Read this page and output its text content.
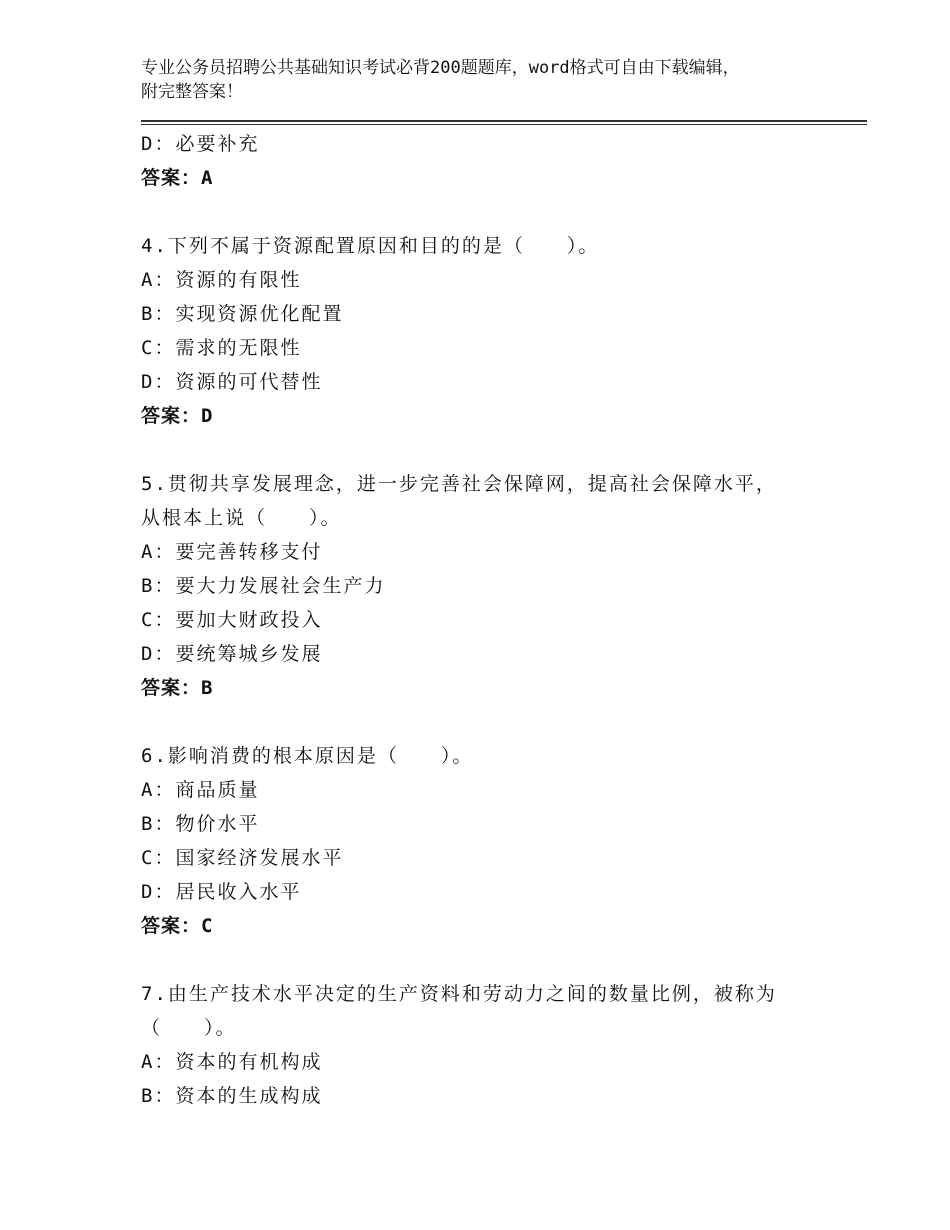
专业公务员招聘公共基础知识考试必背200题题库，word格式可自由下载编辑，
附完整答案！
D：必要补充
答案：A
4.下列不属于资源配置原因和目的的是（　　）。
A：资源的有限性
B：实现资源优化配置
C：需求的无限性
D：资源的可代替性
答案：D
5.贯彻共享发展理念，进一步完善社会保障网，提高社会保障水平，
从根本上说（　　）。
A：要完善转移支付
B：要大力发展社会生产力
C：要加大财政投入
D：要统筹城乡发展
答案：B
6.影响消费的根本原因是（　　）。
A：商品质量
B：物价水平
C：国家经济发展水平
D：居民收入水平
答案：C
7.由生产技术水平决定的生产资料和劳动力之间的数量比例，被称为
（　　）。
A：资本的有机构成
B：资本的生成构成
